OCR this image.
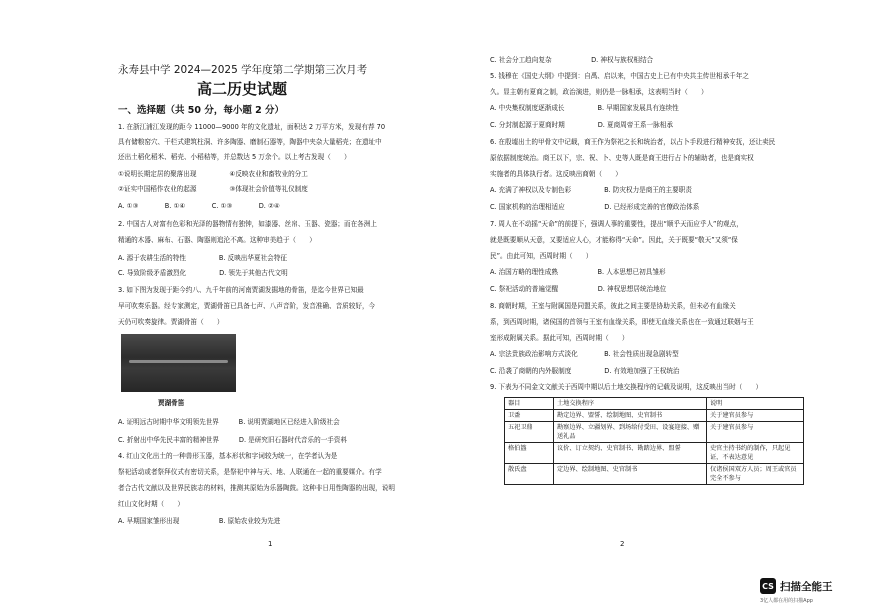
永寿县中学 2024—2025 学年度第二学期第三次月考
高二历史试题
一、选择题（共 50 分，每小题 2 分）
1. 在浙江浦江发现的距今 11000—9000 年的文化遗址，面积达 2 万平方米，发现有荐 70
具有储粮窑穴、干栏式建筑柱洞、许多陶器、磨制石器等，陶器中夹杂大量稻壳；在遗址中
还出土稻化稻米、稻壳、小稻秸等，并总数达 5 万余个。以上考古发现（　　）
①说明长期定居的聚落出现　　　　　④反映农业和畜牧业的分工
②证实中国稻作农业的起源　　　　　③体现社会价值等礼仪制度
A. ①③　　　　B. ①④　　　　C. ①③　　　　D. ②④
2. 中国古人对富有色彩和光泽的器物情有独钟，如漆器、丝帛、玉器、瓷器；而在各洲上
精通的木器、麻布、石器、陶器则追沦不离。这种审美趋于（　　）
A. 源于农耕生活的特性　　　　　B. 反映出华夏社会特征
C. 导致阶级矛盾激烈化　　　　　D. 领先于其他古代文明
3. 如下图为发现于距今约八、九千年前的河南贾湖发掘地的骨笛，是迄今世界已知最
早可吹奏乐器。经专家测定，贾湖骨笛已具备七声、八声音阶，发音准确、音质较好，今
天仍可吹奏旋律。贾湖骨笛（　　）
贾湖骨笛
A. 证明远古时期中华文明领先世界　　　B. 说明贾湖地区已经进入阶级社会
C. 折射出中华先民丰富的精神世界　　　D. 是研究旧石器时代音乐的一手资料
4. 红山文化出土的一种兽形玉器，基本形状和字词较为统一，在学者认为是
祭祀活动或者祭拜仪式有密切关系，是祭祀中神与天、地、人联通在一起的重要媒介。有学
者合古代文献以及世界民族志的材料，推测其原始为乐器陶鼓。这种非日用性陶器的出现，说明
红山文化时期（　　）
A. 早期国家雏形出现　　　　　　B. 原始农业较为先进
1
C. 社会分工趋向复杂　　　　　　D. 神权与族权相结合
5. 钱穆在《国史大纲》中提到：自禹、启以来，中国古史上已有中央共主传世相承千年之
久。显主朝有夏商之制，政治演进，则仍是一脉相承，这表明当时（　　）
A. 中央集权制度逐渐成长　　　　　B. 早期国家发展具有连续性
C. 分封制起源于夏商时期　　　　　D. 夏商周帝王系一脉相承
6. 在殷墟出土的甲骨文中记载，商王作为祭祀之长和统治者，以占卜手段进行精神安抚，还让卖民
原依据制度统治。商王以下，宗、祝、卜、史等人既是商王进行占卜的辅助者，也是商实权
实施者的具体执行者。这反映出商朝（　　）
A. 充满了神权以及专制色彩　　　　　B. 防灾权力是商王的主要职责
C. 国家机构的治理相适应　　　　　　D. 已经形成完善的官僚政治体系
7. 周人在不动摇“天命”的前提下，强调人事的重要性，提出“顺乎天而应乎人”的观点，
就是既要顺从天意，又要适应人心，才能称得“天命”。因此，关于既要“敬天”又须“保
民”。由此可知，西周时期（　　）
A. 治国方略的理性成熟　　　　　　B. 人本思想已初具雏形
C. 祭祀活动的普遍觉醒　　　　　　D. 神权思想居统治地位
8. 商朝时期，王室与附属国是同盟关系，彼此之间主要是协助关系，但未必有血缘关
系，到西周时期，诸侯国的首领与王室有血缘关系，即使无血缘关系也在一致通过联姻与王
室形成附属关系。据此可知，西周时期（　　）
A. 宗法贵族政治影响方式淡化　　　　B. 社会性质出现急剧转型
C. 沿袭了商朝的内外服制度　　　　　D. 有效地加强了王权统治
9. 下表为不同金文文献关于西周中期以后土地交换程序的记载及说明，这反映出当时（　　）
2
器目	土地交换程序	说明
卫盉	勘定边界、盟誓、绘制地图、史官制书	关于建官员参与
五祀卫鼎	勘察边界、立疆划界、到场给付受田、设宴迎接、赠送礼品	关于建官员参与
格伯簋	议价、订立契约、史官制书、勘踏边界、盟誓	史官主持书约的制作，只起见证，不表达意见
散氏盘	定边界、绘制地图、史官制书	仅诸侯国双方人员；周王或官员完全不参与
CS 扫描全能王
3亿人都在用的扫描App
